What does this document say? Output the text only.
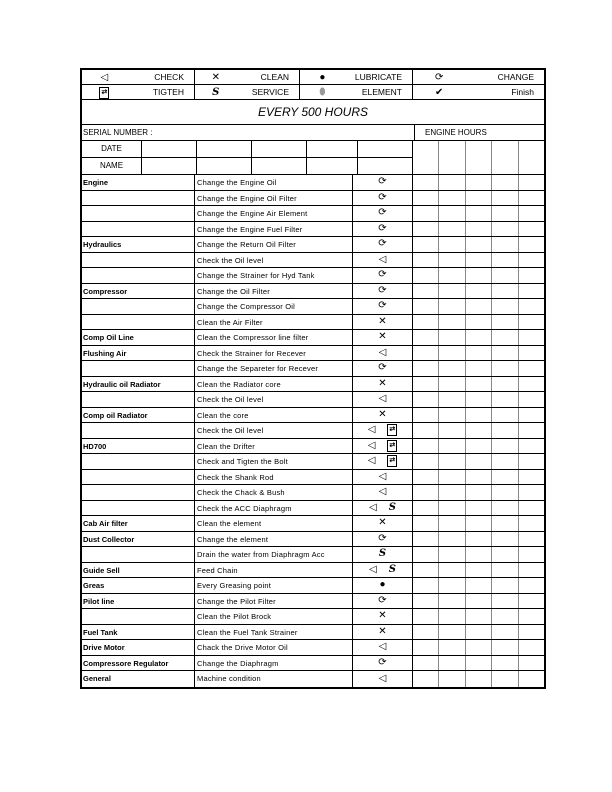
◁	CHECK	✕	CLEAN	●	LUBRICATE	⟳	CHANGE
⇄	TIGTEH	S	SERVICE	⬮	ELEMENT	✔	Finish
EVERY 500 HOURS
SERIAL NUMBER :	ENGINE HOURS
DATE
NAME
Engine	Change the Engine Oil	⟳
Change the Engine Oil Filter	⟳
Change the Engine Air Element	⟳
Change the Engine Fuel Filter	⟳
Hydraulics	Change the Return Oil Filter	⟳
Check the Oil level	◁
Change the Strainer for Hyd Tank	⟳
Compressor	Change the Oil Filter	⟳
Change the Compressor Oil	⟳
Clean the Air Filter	✕
Comp Oil Line	Clean the Compressor line filter	✕
Flushing Air	Check the Strainer for Recever	◁
Change the Separeter for Recever	⟳
Hydraulic oil Radiator	Clean the Radiator core	✕
Check the Oil level	◁
Comp oil Radiator	Clean the core	✕
Check the Oil level	◁ ⇄
HD700	Clean the Drifter	◁ ⇄
Check and Tigten the Bolt	◁ ⇄
Check the Shank Rod	◁
Check the Chack & Bush	◁
Check the ACC Diaphragm	◁ S
Cab Air filter	Clean the element	✕
Dust Collector	Change the element	⟳
Drain the water from Diaphragm Acc	S
Guide Sell	Feed Chain	◁ S
Greas	Every Greasing point	●
Pilot line	Change the Pilot Filter	⟳
Clean the Pilot Brock	✕
Fuel Tank	Clean the Fuel Tank Strainer	✕
Drive Motor	Chack the Drive Motor Oil	◁
Compressore Regulator	Change the Diaphragm	⟳
General	Machine condition	◁
